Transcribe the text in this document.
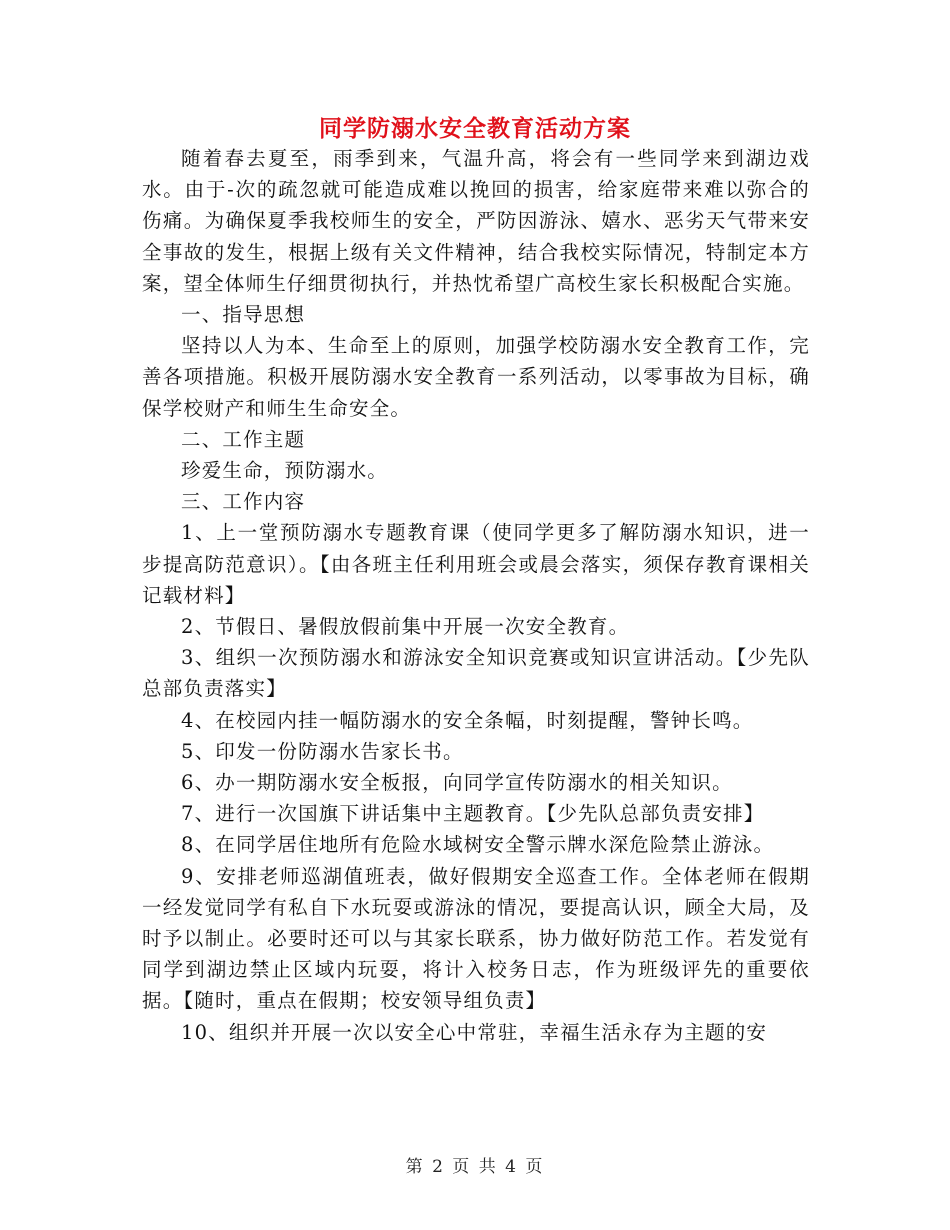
同学防溺水安全教育活动方案

随着春去夏至，雨季到来，气温升高，将会有一些同学来到湖边戏水。由于-次的疏忽就可能造成难以挽回的损害，给家庭带来难以弥合的伤痛。为确保夏季我校师生的安全，严防因游泳、嬉水、恶劣天气带来安全事故的发生，根据上级有关文件精神，结合我校实际情况，特制定本方案，望全体师生仔细贯彻执行，并热忱希望广高校生家长积极配合实施。

一、指导思想

坚持以人为本、生命至上的原则，加强学校防溺水安全教育工作，完善各项措施。积极开展防溺水安全教育一系列活动，以零事故为目标，确保学校财产和师生生命安全。

二、工作主题

珍爱生命，预防溺水。

三、工作内容

1、上一堂预防溺水专题教育课（使同学更多了解防溺水知识，进一步提高防范意识）。【由各班主任利用班会或晨会落实，须保存教育课相关记载材料】

2、节假日、暑假放假前集中开展一次安全教育。

3、组织一次预防溺水和游泳安全知识竞赛或知识宣讲活动。【少先队总部负责落实】

4、在校园内挂一幅防溺水的安全条幅，时刻提醒，警钟长鸣。

5、印发一份防溺水告家长书。

6、办一期防溺水安全板报，向同学宣传防溺水的相关知识。

7、进行一次国旗下讲话集中主题教育。【少先队总部负责安排】

8、在同学居住地所有危险水域树安全警示牌水深危险禁止游泳。

9、安排老师巡湖值班表，做好假期安全巡查工作。全体老师在假期一经发觉同学有私自下水玩耍或游泳的情况，要提高认识，顾全大局，及时予以制止。必要时还可以与其家长联系，协力做好防范工作。若发觉有同学到湖边禁止区域内玩耍，将计入校务日志，作为班级评先的重要依据。【随时，重点在假期；校安领导组负责】

10、组织并开展一次以安全心中常驻，幸福生活永存为主题的安

第 2 页 共 4 页
